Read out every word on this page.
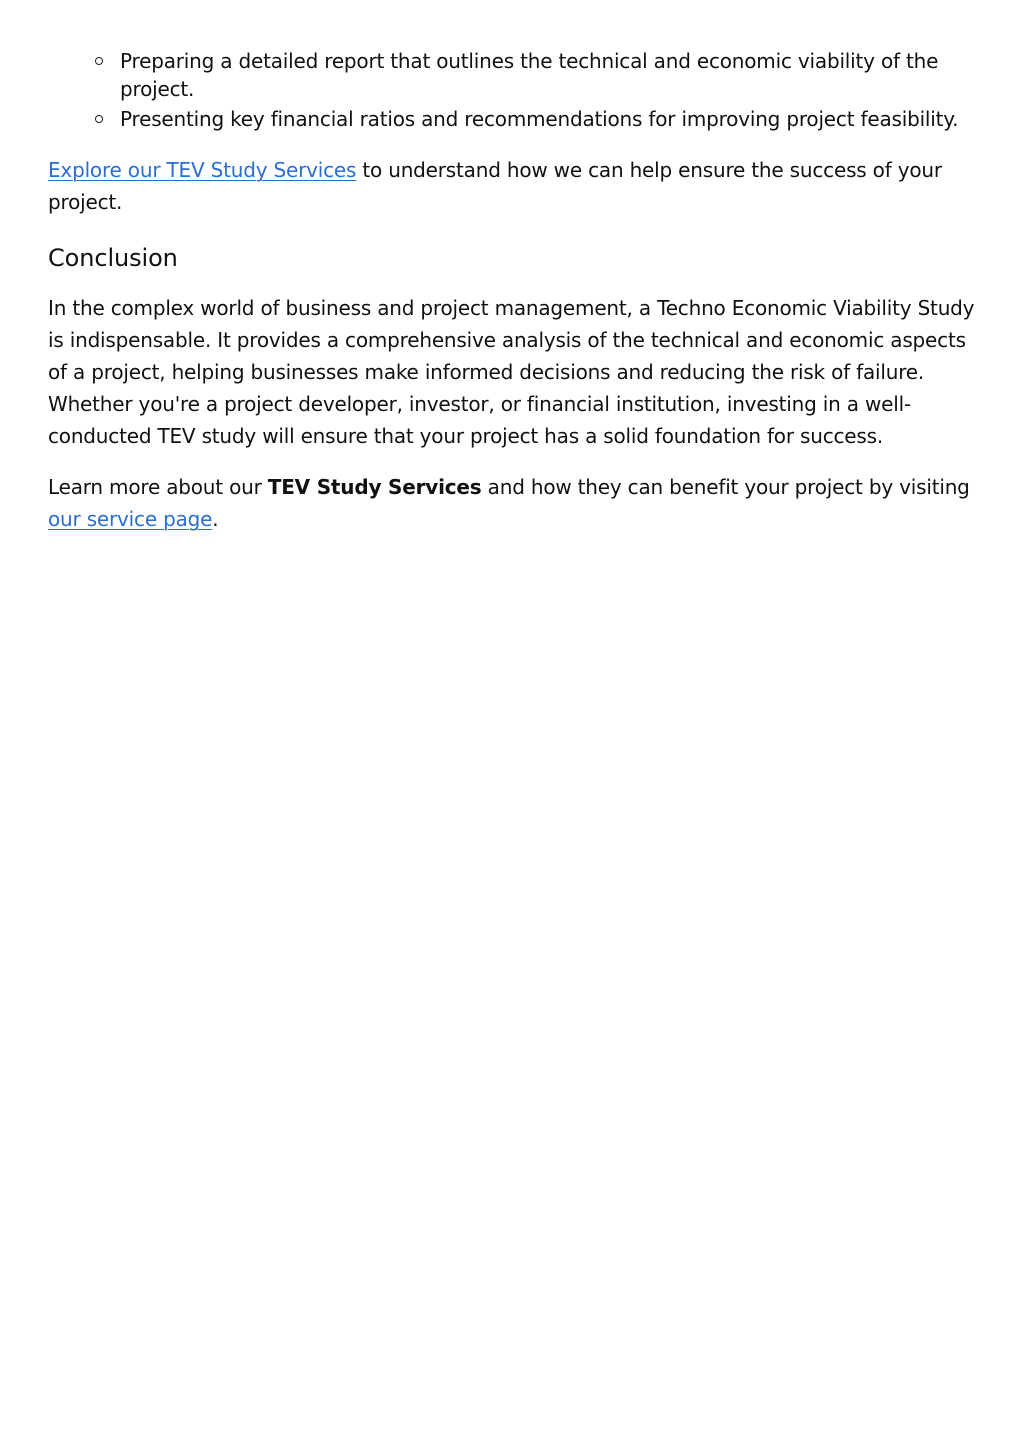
Preparing a detailed report that outlines the technical and economic viability of the project.
Presenting key financial ratios and recommendations for improving project feasibility.

Explore our TEV Study Services to understand how we can help ensure the success of your project.

Conclusion

In the complex world of business and project management, a Techno Economic Viability Study is indispensable. It provides a comprehensive analysis of the technical and economic aspects of a project, helping businesses make informed decisions and reducing the risk of failure. Whether you're a project developer, investor, or financial institution, investing in a well-conducted TEV study will ensure that your project has a solid foundation for success.

Learn more about our TEV Study Services and how they can benefit your project by visiting our service page.
